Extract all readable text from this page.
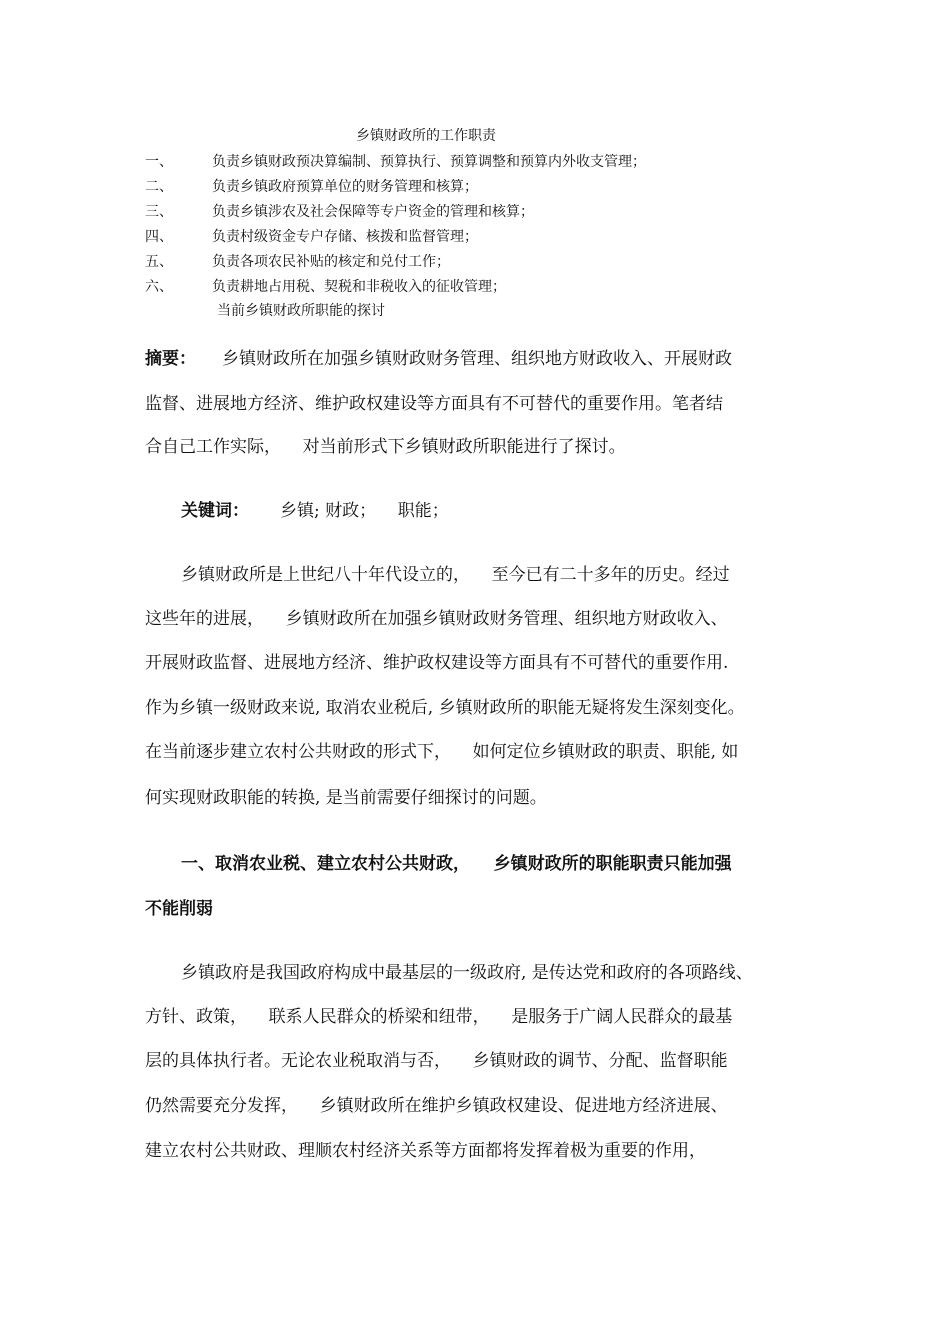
乡镇财政所的工作职责
一、	负责乡镇财政预决算编制、预算执行、预算调整和预算内外收支管理；
二、	负责乡镇政府预算单位的财务管理和核算；
三、	负责乡镇涉农及社会保障等专户资金的管理和核算；
四、	负责村级资金专户存储、核拨和监督管理；
五、	负责各项农民补贴的核定和兑付工作；
六、	负责耕地占用税、契税和非税收入的征收管理；
当前乡镇财政所职能的探讨
摘要： 乡镇财政所在加强乡镇财政财务管理、组织地方财政收入、开展财政
监督、进展地方经济、维护政权建设等方面具有不可替代的重要作用。笔者结
合自己工作实际，    对当前形式下乡镇财政所职能进行了探讨。
关键词： 乡镇; 财政；    职能；
乡镇财政所是上世纪八十年代设立的，    至今已有二十多年的历史。经过
这些年的进展，    乡镇财政所在加强乡镇财政财务管理、组织地方财政收入、
开展财政监督、进展地方经济、维护政权建设等方面具有不可替代的重要作用.
作为乡镇一级财政来说, 取消农业税后, 乡镇财政所的职能无疑将发生深刻变化。
在当前逐步建立农村公共财政的形式下，    如何定位乡镇财政的职责、职能, 如
何实现财政职能的转换, 是当前需要仔细探讨的问题。
一、取消农业税、建立农村公共财政，    乡镇财政所的职能职责只能加强
不能削弱
乡镇政府是我国政府构成中最基层的一级政府, 是传达党和政府的各项路线、
方针、政策，    联系人民群众的桥梁和纽带，    是服务于广阔人民群众的最基
层的具体执行者。无论农业税取消与否，    乡镇财政的调节、分配、监督职能
仍然需要充分发挥，    乡镇财政所在维护乡镇政权建设、促进地方经济进展、
建立农村公共财政、理顺农村经济关系等方面都将发挥着极为重要的作用，
